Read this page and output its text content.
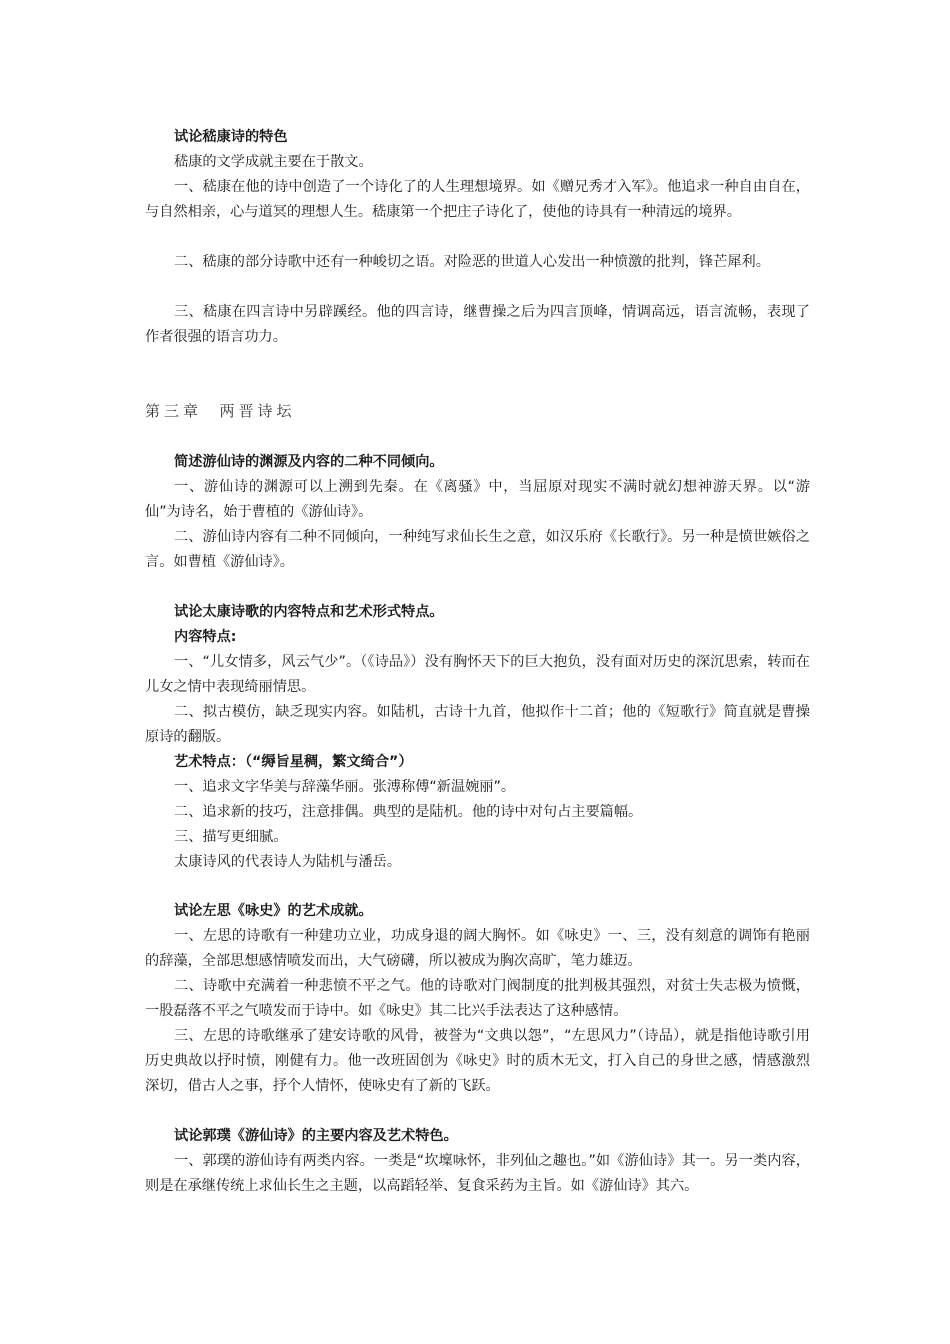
试论嵇康诗的特色

嵇康的文学成就主要在于散文。

一、嵇康在他的诗中创造了一个诗化了的人生理想境界。如《赠兄秀才入军》。他追求一种自由自在，与自然相亲，心与道冥的理想人生。嵇康第一个把庄子诗化了，使他的诗具有一种清远的境界。

二、嵇康的部分诗歌中还有一种峻切之语。对险恶的世道人心发出一种愤激的批判，锋芒犀利。

三、嵇康在四言诗中另辟蹊经。他的四言诗，继曹操之后为四言顶峰，情调高远，语言流畅，表现了作者很强的语言功力。

第三章  两晋诗坛

简述游仙诗的渊源及内容的二种不同倾向。

一、游仙诗的渊源可以上溯到先秦。在《离骚》中，当屈原对现实不满时就幻想神游天界。以“游仙”为诗名，始于曹植的《游仙诗》。

二、游仙诗内容有二种不同倾向，一种纯写求仙长生之意，如汉乐府《长歌行》。另一种是愤世嫉俗之言。如曹植《游仙诗》。

试论太康诗歌的内容特点和艺术形式特点。

内容特点:

一、“儿女情多，风云气少”。（《诗品》）没有胸怀天下的巨大抱负，没有面对历史的深沉思索，转而在儿女之情中表现绮丽情思。

二、拟古模仿，缺乏现实内容。如陆机，古诗十九首，他拟作十二首；他的《短歌行》简直就是曹操原诗的翻版。

艺术特点：（“缛旨星稠，繁文绮合”）

一、追求文字华美与辞藻华丽。张溥称傅“新温婉丽”。

二、追求新的技巧，注意排偶。典型的是陆机。他的诗中对句占主要篇幅。

三、描写更细腻。

太康诗风的代表诗人为陆机与潘岳。

试论左思《咏史》的艺术成就。

一、左思的诗歌有一种建功立业，功成身退的阔大胸怀。如《咏史》一、三，没有刻意的调饰有艳丽的辞藻，全部思想感情喷发而出，大气磅礴，所以被成为胸次高旷，笔力雄迈。

二、诗歌中充满着一种悲愤不平之气。他的诗歌对门阀制度的批判极其强烈，对贫士失志极为愤慨，一股磊落不平之气喷发而于诗中。如《咏史》其二比兴手法表达了这种感情。

三、左思的诗歌继承了建安诗歌的风骨，被誉为“文典以怨”，“左思风力”（诗品），就是指他诗歌引用历史典故以抒时愤，刚健有力。他一改班固创为《咏史》时的质木无文，打入自己的身世之感，情感激烈深切，借古人之事，抒个人情怀，使咏史有了新的飞跃。

试论郭璞《游仙诗》的主要内容及艺术特色。

一、郭璞的游仙诗有两类内容。一类是“坎壈咏怀，非列仙之趣也。”如《游仙诗》其一。另一类内容，则是在承继传统上求仙长生之主题，以高蹈轻举、复食采药为主旨。如《游仙诗》其六。
